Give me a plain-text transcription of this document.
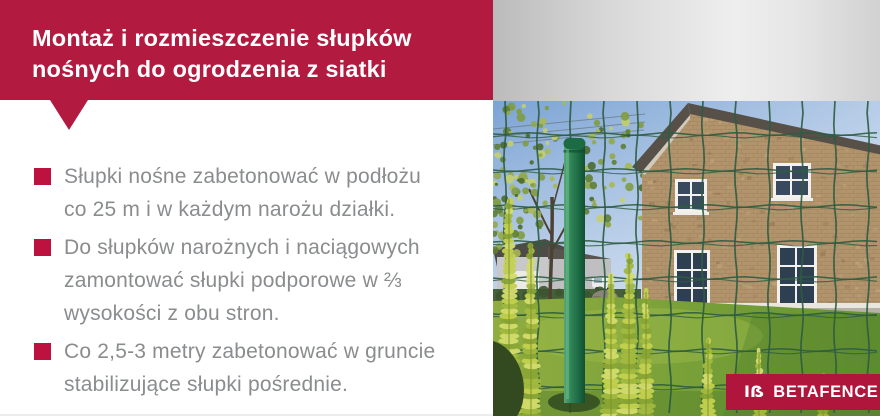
Montaż i rozmieszczenie słupków
nośnych do ogrodzenia z siatki
Słupki nośne zabetonować w podłożu
co 25 m i w każdym narożu działki.
Do słupków narożnych i naciągowych
zamontować słupki podporowe w ⅔
wysokości z obu stron.
Co 2,5-3 metry zabetonować w gruncie
stabilizujące słupki pośrednie.	Iẞ BETAFENCE
